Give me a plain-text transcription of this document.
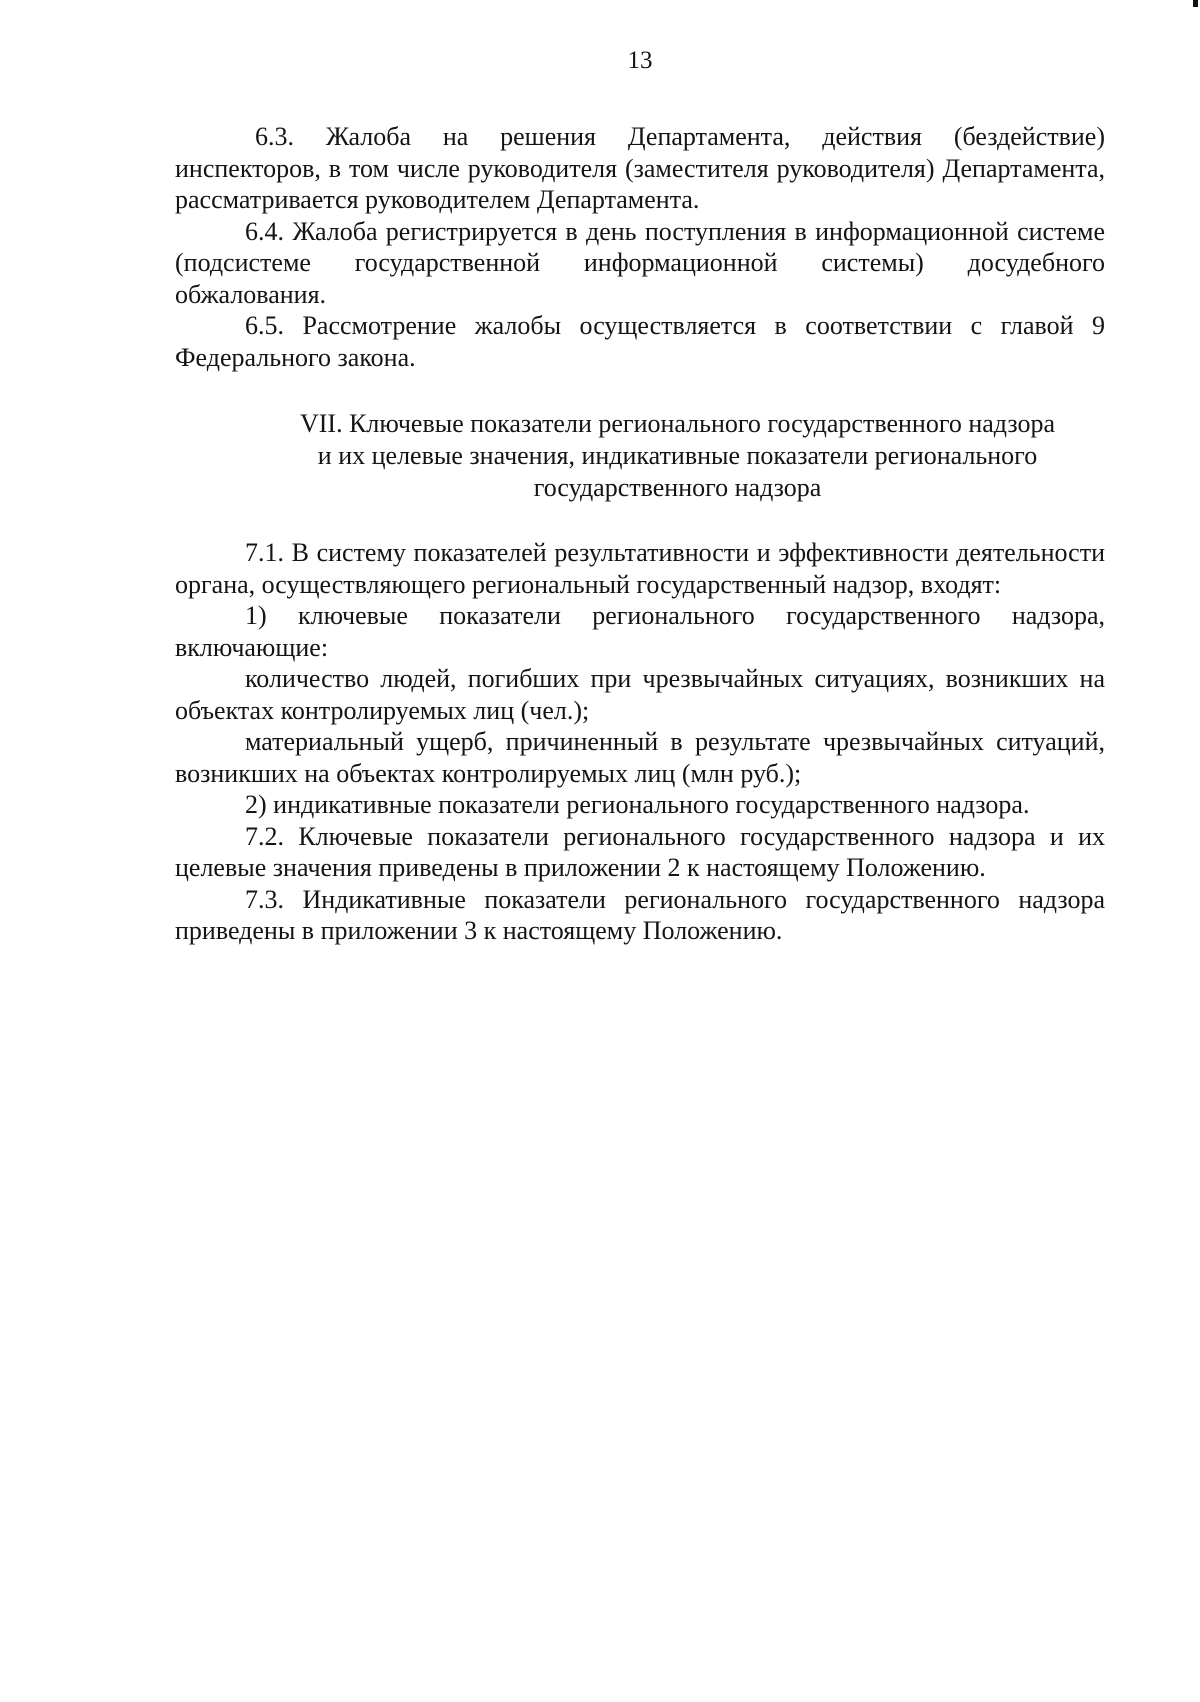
13

6.3. Жалоба на решения Департамента, действия (бездействие) инспекторов, в том числе руководителя (заместителя руководителя) Департамента, рассматривается руководителем Департамента.

6.4. Жалоба регистрируется в день поступления в информационной системе (подсистеме государственной информационной системы) досудебного обжалования.

6.5. Рассмотрение жалобы осуществляется в соответствии с главой 9 Федерального закона.

VII. Ключевые показатели регионального государственного надзора
и их целевые значения, индикативные показатели регионального
государственного надзора

7.1. В систему показателей результативности и эффективности деятельности органа, осуществляющего региональный государственный надзор, входят:

1) ключевые показатели регионального государственного надзора, включающие:

количество людей, погибших при чрезвычайных ситуациях, возникших на объектах контролируемых лиц (чел.);

материальный ущерб, причиненный в результате чрезвычайных ситуаций, возникших на объектах контролируемых лиц (млн руб.);

2) индикативные показатели регионального государственного надзора.

7.2. Ключевые показатели регионального государственного надзора и их целевые значения приведены в приложении 2 к настоящему Положению.

7.3. Индикативные показатели регионального государственного надзора приведены в приложении 3 к настоящему Положению.
